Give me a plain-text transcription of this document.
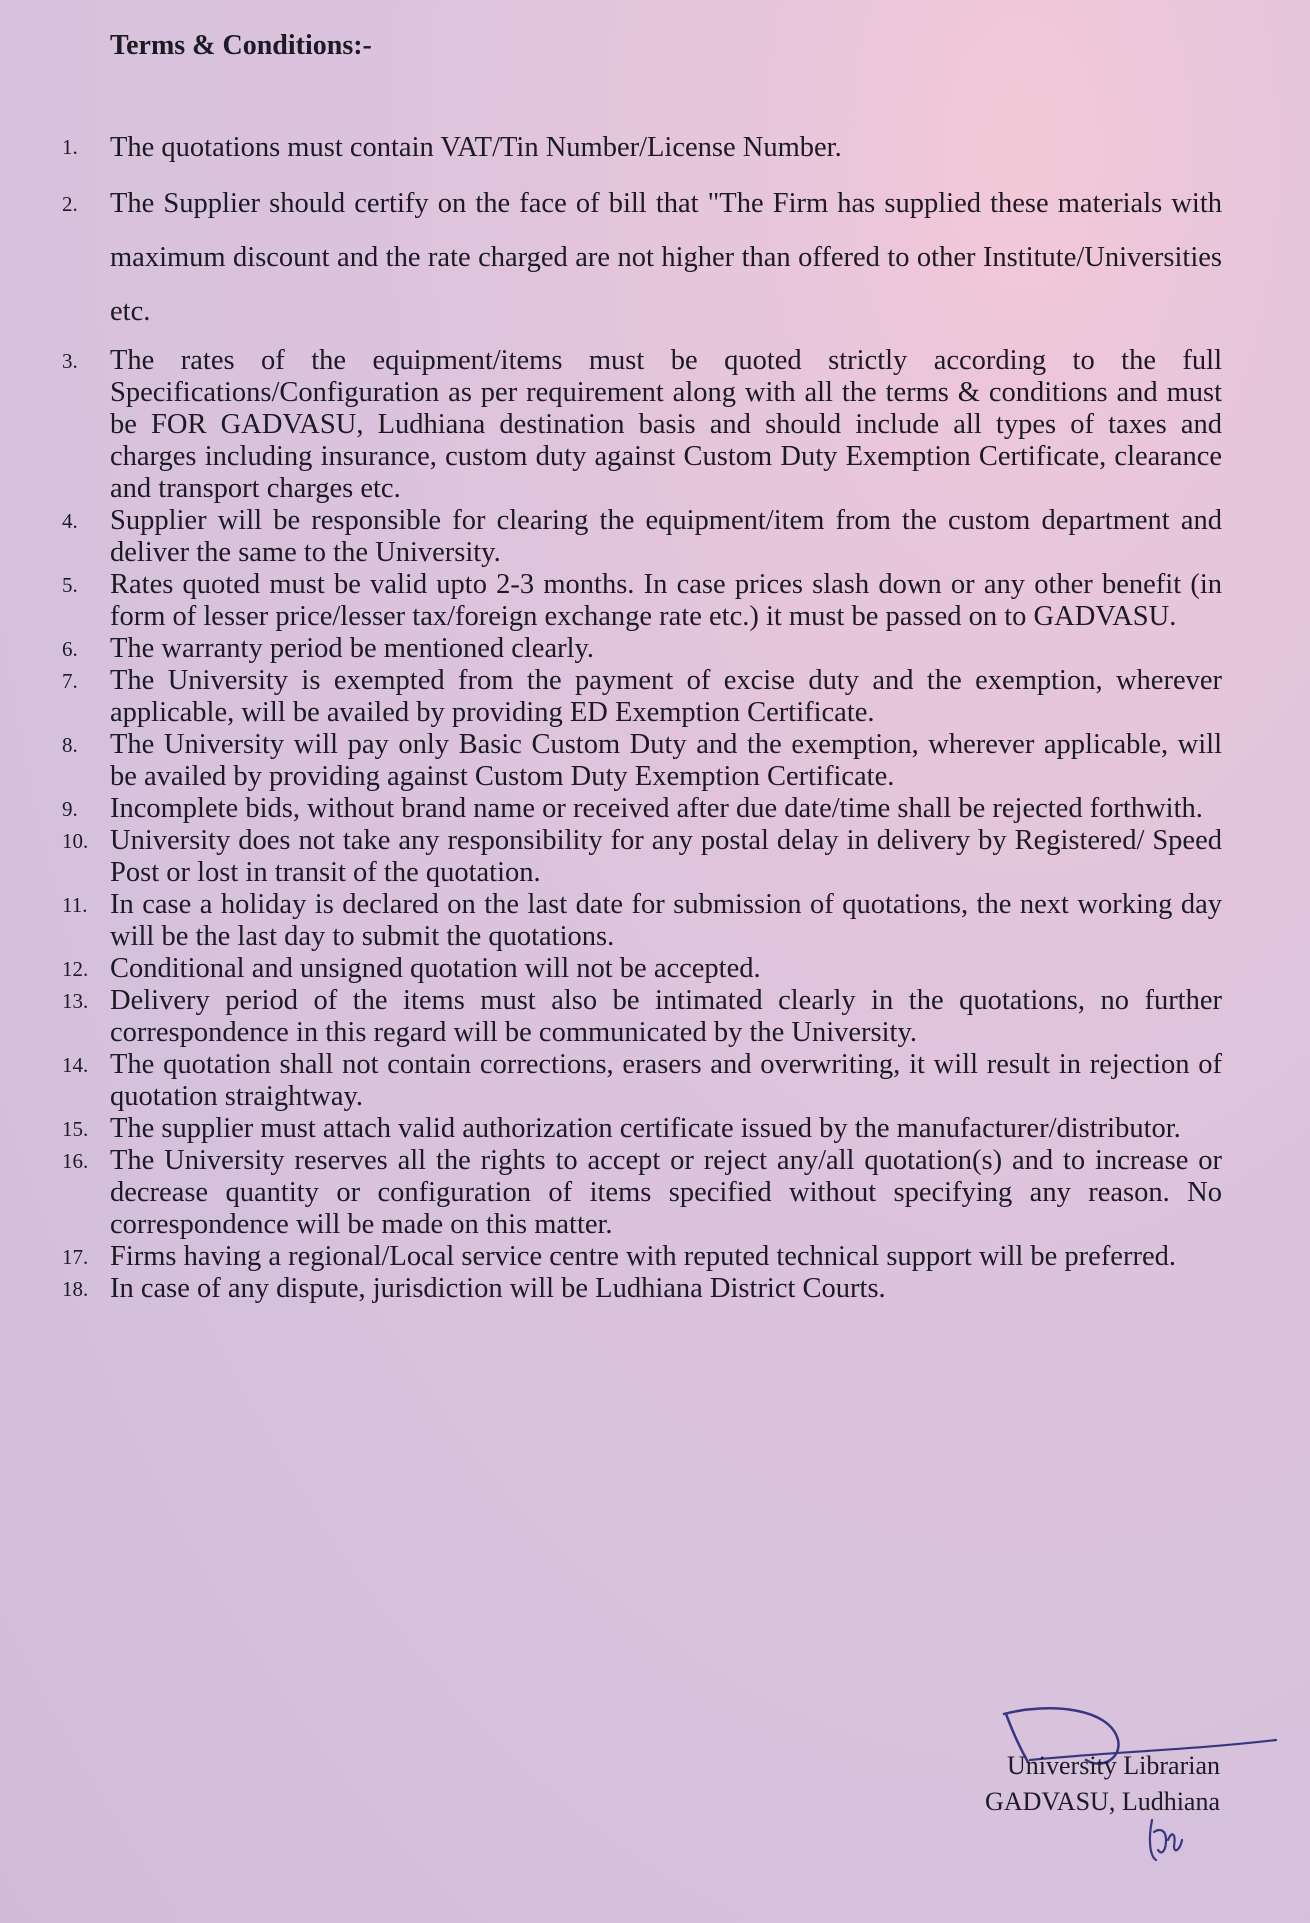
Terms & Conditions:-
1. The quotations must contain VAT/Tin Number/License Number.
2. The Supplier should certify on the face of bill that "The Firm has supplied these materials with maximum discount and the rate charged are not higher than offered to other Institute/Universities etc.
3. The rates of the equipment/items must be quoted strictly according to the full Specifications/Configuration as per requirement along with all the terms & conditions and must be FOR GADVASU, Ludhiana destination basis and should include all types of taxes and charges including insurance, custom duty against Custom Duty Exemption Certificate, clearance and transport charges etc.
4. Supplier will be responsible for clearing the equipment/item from the custom department and deliver the same to the University.
5. Rates quoted must be valid upto 2-3 months. In case prices slash down or any other benefit (in form of lesser price/lesser tax/foreign exchange rate etc.) it must be passed on to GADVASU.
6. The warranty period be mentioned clearly.
7. The University is exempted from the payment of excise duty and the exemption, wherever applicable, will be availed by providing ED Exemption Certificate.
8. The University will pay only Basic Custom Duty and the exemption, wherever applicable, will be availed by providing against Custom Duty Exemption Certificate.
9. Incomplete bids, without brand name or received after due date/time shall be rejected forthwith.
10. University does not take any responsibility for any postal delay in delivery by Registered/ Speed Post or lost in transit of the quotation.
11. In case a holiday is declared on the last date for submission of quotations, the next working day will be the last day to submit the quotations.
12. Conditional and unsigned quotation will not be accepted.
13. Delivery period of the items must also be intimated clearly in the quotations, no further correspondence in this regard will be communicated by the University.
14. The quotation shall not contain corrections, erasers and overwriting, it will result in rejection of quotation straightway.
15. The supplier must attach valid authorization certificate issued by the manufacturer/distributor.
16. The University reserves all the rights to accept or reject any/all quotation(s) and to increase or decrease quantity or configuration of items specified without specifying any reason. No correspondence will be made on this matter.
17. Firms having a regional/Local service centre with reputed technical support will be preferred.
18. In case of any dispute, jurisdiction will be Ludhiana District Courts.
University Librarian
GADVASU, Ludhiana
